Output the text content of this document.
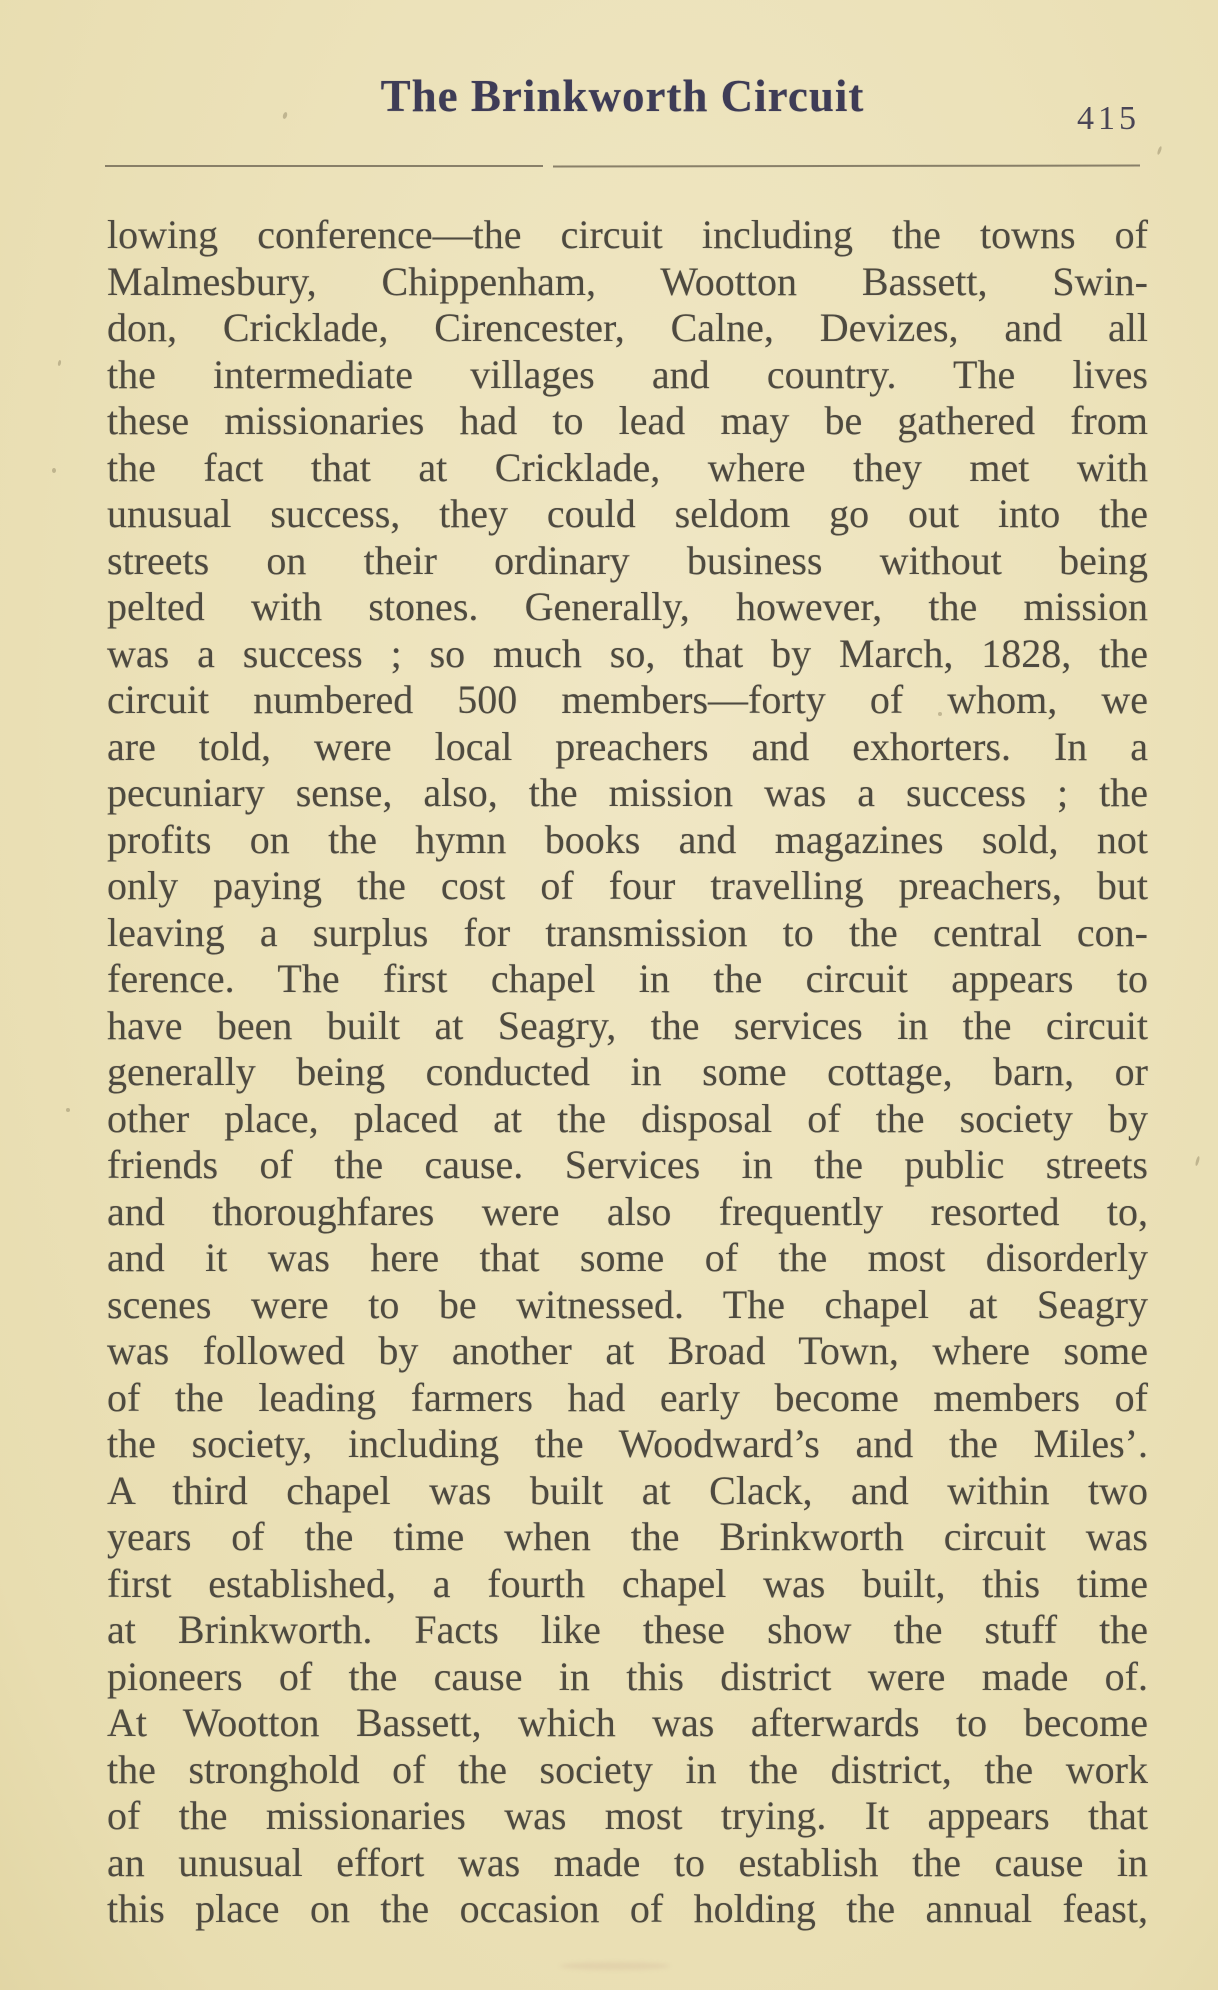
The Brinkworth Circuit	415
lowing conference—the circuit including the towns of
Malmesbury, Chippenham, Wootton Bassett, Swin-
don, Cricklade, Cirencester, Calne, Devizes, and all
the intermediate villages and country. The lives
these missionaries had to lead may be gathered from
the fact that at Cricklade, where they met with
unusual success, they could seldom go out into the
streets on their ordinary business without being
pelted with stones. Generally, however, the mission
was a success ; so much so, that by March, 1828, the
circuit numbered 500 members—forty of whom, we
are told, were local preachers and exhorters. In a
pecuniary sense, also, the mission was a success ; the
profits on the hymn books and magazines sold, not
only paying the cost of four travelling preachers, but
leaving a surplus for transmission to the central con-
ference. The first chapel in the circuit appears to
have been built at Seagry, the services in the circuit
generally being conducted in some cottage, barn, or
other place, placed at the disposal of the society by
friends of the cause. Services in the public streets
and thoroughfares were also frequently resorted to,
and it was here that some of the most disorderly
scenes were to be witnessed. The chapel at Seagry
was followed by another at Broad Town, where some
of the leading farmers had early become members of
the society, including the Woodward’s and the Miles’.
A third chapel was built at Clack, and within two
years of the time when the Brinkworth circuit was
first established, a fourth chapel was built, this time
at Brinkworth. Facts like these show the stuff the
pioneers of the cause in this district were made of.
At Wootton Bassett, which was afterwards to become
the stronghold of the society in the district, the work
of the missionaries was most trying. It appears that
an unusual effort was made to establish the cause in
this place on the occasion of holding the annual feast,
